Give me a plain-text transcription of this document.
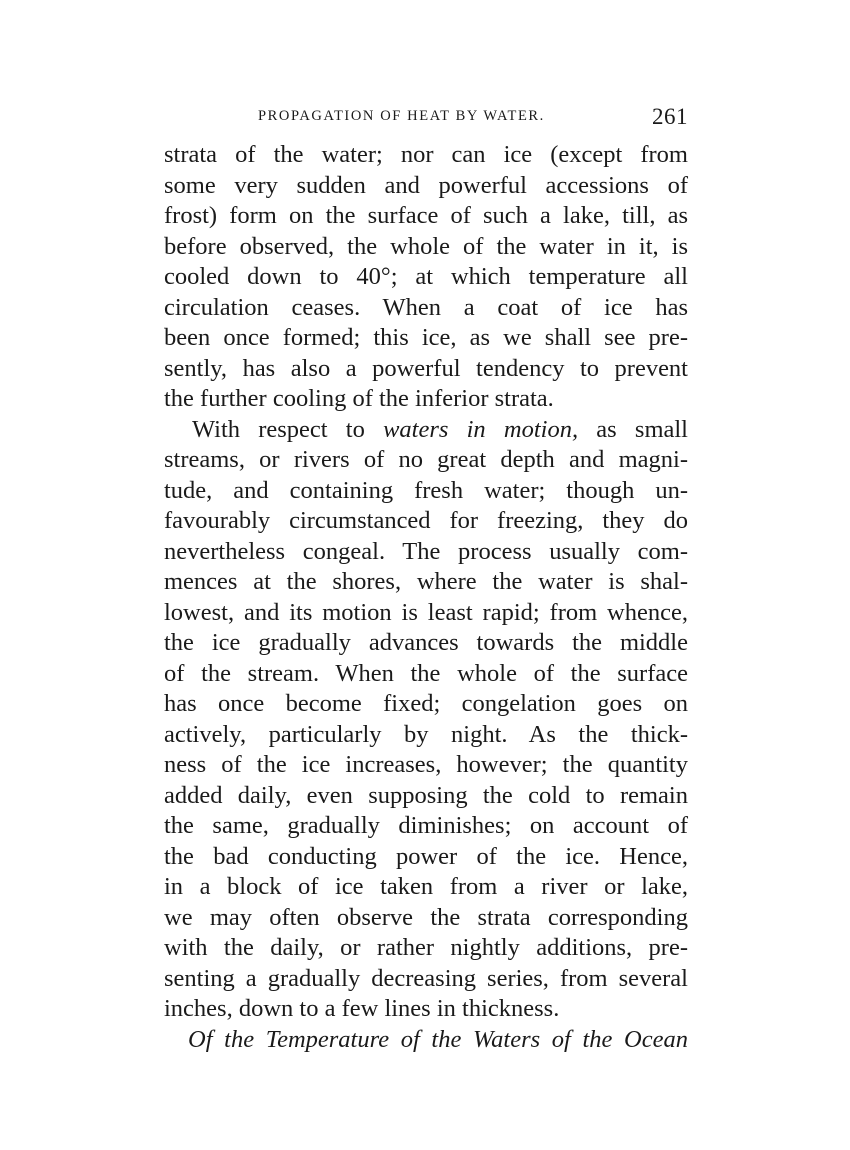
PROPAGATION OF HEAT BY WATER.	261
strata of the water; nor can ice (except from
some very sudden and powerful accessions of
frost) form on the surface of such a lake, till, as
before observed, the whole of the water in it, is
cooled down to 40°; at which temperature all
circulation ceases. When a coat of ice has
been once formed; this ice, as we shall see pre-
sently, has also a powerful tendency to prevent
the further cooling of the inferior strata.
With respect to waters in motion, as small
streams, or rivers of no great depth and magni-
tude, and containing fresh water; though un-
favourably circumstanced for freezing, they do
nevertheless congeal. The process usually com-
mences at the shores, where the water is shal-
lowest, and its motion is least rapid; from whence,
the ice gradually advances towards the middle
of the stream. When the whole of the surface
has once become fixed; congelation goes on
actively, particularly by night. As the thick-
ness of the ice increases, however; the quantity
added daily, even supposing the cold to remain
the same, gradually diminishes; on account of
the bad conducting power of the ice. Hence,
in a block of ice taken from a river or lake,
we may often observe the strata corresponding
with the daily, or rather nightly additions, pre-
senting a gradually decreasing series, from several
inches, down to a few lines in thickness.
Of the Temperature of the Waters of the Ocean
